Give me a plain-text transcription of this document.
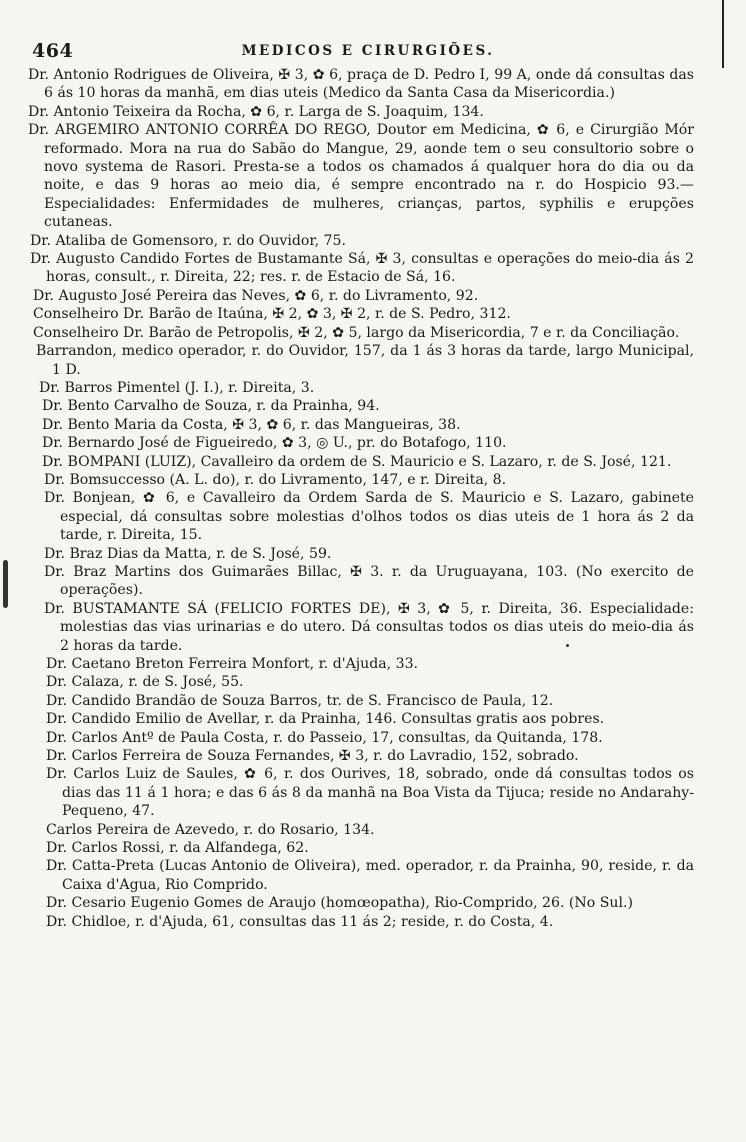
464	MEDICOS E CIRURGIÕES.

Dr. Antonio Rodrigues de Oliveira, ✠ 3, ✿ 6, praça de D. Pedro I, 99 A, onde dá consultas das 6 ás 10 horas da manhã, em dias uteis (Medico da Santa Casa da Misericordia.)

Dr. Antonio Teixeira da Rocha, ✿ 6, r. Larga de S. Joaquim, 134.

Dr. ARGEMIRO ANTONIO CORRÊA DO REGO, Doutor em Medicina, ✿ 6, e Cirurgião Mór reformado. Mora na rua do Sabão do Mangue, 29, aonde tem o seu consultorio sobre o novo systema de Rasori. Presta-se a todos os chamados á qualquer hora do dia ou da noite, e das 9 horas ao meio dia, é sempre encontrado na r. do Hospicio 93.—Especialidades: Enfermidades de mulheres, crianças, partos, syphilis e erupções cutaneas.

Dr. Ataliba de Gomensoro, r. do Ouvidor, 75.

Dr. Augusto Candido Fortes de Bustamante Sá, ✠ 3, consultas e operações do meio-dia ás 2 horas, consult., r. Direita, 22; res. r. de Estacio de Sá, 16.

Dr. Augusto José Pereira das Neves, ✿ 6, r. do Livramento, 92.

Conselheiro Dr. Barão de Itaúna, ✠ 2, ✿ 3, ✠ 2, r. de S. Pedro, 312.

Conselheiro Dr. Barão de Petropolis, ✠ 2, ✿ 5, largo da Misericordia, 7 e r. da Conciliação.

Barrandon, medico operador, r. do Ouvidor, 157, da 1 ás 3 horas da tarde, largo Municipal, 1 D.

Dr. Barros Pimentel (J. I.), r. Direita, 3.

Dr. Bento Carvalho de Souza, r. da Prainha, 94.

Dr. Bento Maria da Costa, ✠ 3, ✿ 6, r. das Mangueiras, 38.

Dr. Bernardo José de Figueiredo, ✿ 3, ◎ U., pr. do Botafogo, 110.

Dr. BOMPANI (LUIZ), Cavalleiro da ordem de S. Mauricio e S. Lazaro, r. de S. José, 121.

Dr. Bomsuccesso (A. L. do), r. do Livramento, 147, e r. Direita, 8.

Dr. Bonjean, ✿ 6, e Cavalleiro da Ordem Sarda de S. Mauricio e S. Lazaro, gabinete especial, dá consultas sobre molestias d'olhos todos os dias uteis de 1 hora ás 2 da tarde, r. Direita, 15.

Dr. Braz Dias da Matta, r. de S. José, 59.

Dr. Braz Martins dos Guimarães Billac, ✠ 3. r. da Uruguayana, 103. (No exercito de operações).

Dr. BUSTAMANTE SÁ (FELICIO FORTES DE), ✠ 3, ✿ 5, r. Direita, 36. Especialidade: molestias das vias urinarias e do utero. Dá consultas todos os dias uteis do meio-dia ás 2 horas da tarde.

Dr. Caetano Breton Ferreira Monfort, r. d'Ajuda, 33.

Dr. Calaza, r. de S. José, 55.

Dr. Candido Brandão de Souza Barros, tr. de S. Francisco de Paula, 12.

Dr. Candido Emilio de Avellar, r. da Prainha, 146. Consultas gratis aos pobres.

Dr. Carlos Antº de Paula Costa, r. do Passeio, 17, consultas, da Quitanda, 178.

Dr. Carlos Ferreira de Souza Fernandes, ✠ 3, r. do Lavradio, 152, sobrado.

Dr. Carlos Luiz de Saules, ✿ 6, r. dos Ourives, 18, sobrado, onde dá consultas todos os dias das 11 á 1 hora; e das 6 ás 8 da manhã na Boa Vista da Tijuca; reside no Andarahy-Pequeno, 47.

Carlos Pereira de Azevedo, r. do Rosario, 134.

Dr. Carlos Rossi, r. da Alfandega, 62.

Dr. Catta-Preta (Lucas Antonio de Oliveira), med. operador, r. da Prainha, 90, reside, r. da Caixa d'Agua, Rio Comprido.

Dr. Cesario Eugenio Gomes de Araujo (homœopatha), Rio-Comprido, 26. (No Sul.)

Dr. Chidloe, r. d'Ajuda, 61, consultas das 11 ás 2; reside, r. do Costa, 4.
